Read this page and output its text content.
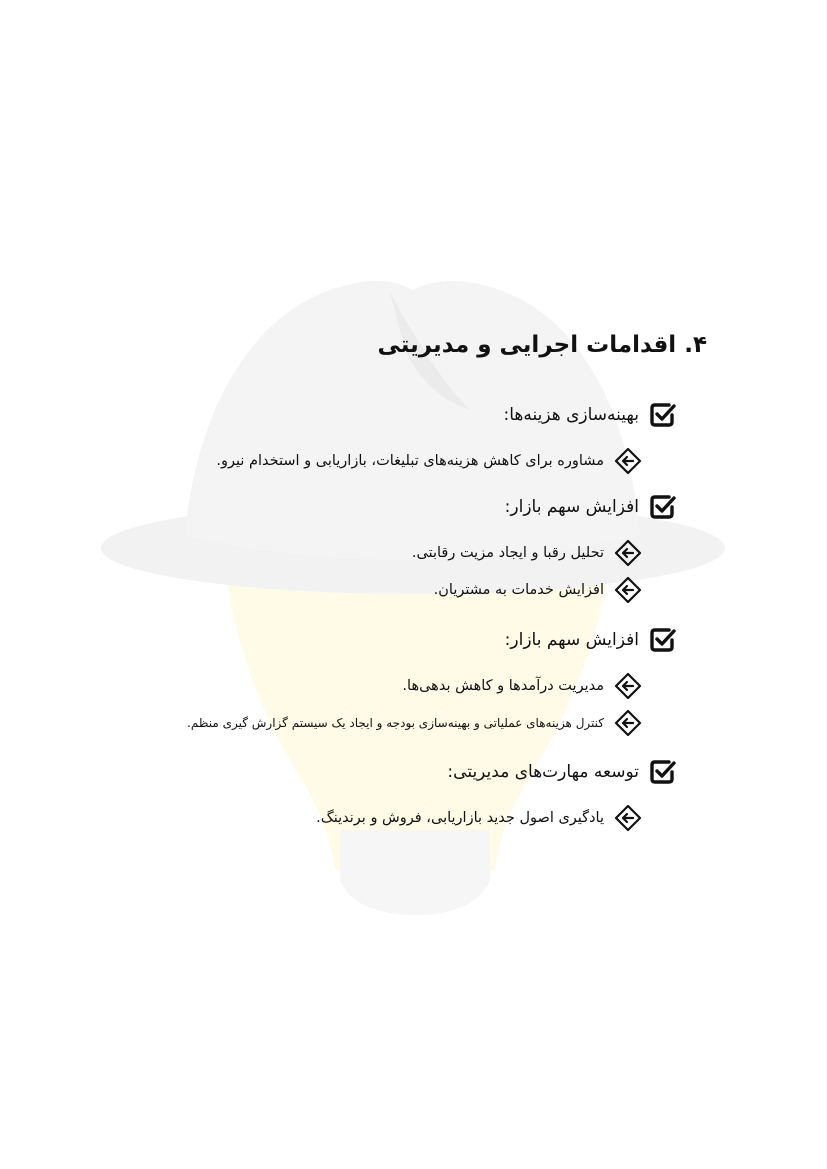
۴. اقدامات اجرایی و مدیریتی
بهینه‌سازی هزینه‌ها:
مشاوره برای کاهش هزینه‌های تبلیغات، بازاریابی و استخدام نیرو.
افزایش سهم بازار:
تحلیل رقبا و ایجاد مزیت رقابتی.
افزایش خدمات به مشتریان.
افزایش سهم بازار:
مدیریت درآمدها و کاهش بدهی‌ها.
کنترل هزینه‌های عملیاتی و بهینه‌سازی بودجه و ایجاد یک سیستم گزارش گیری منظم.
توسعه مهارت‌های مدیریتی:
یادگیری اصول جدید بازاریابی، فروش و برندینگ.
